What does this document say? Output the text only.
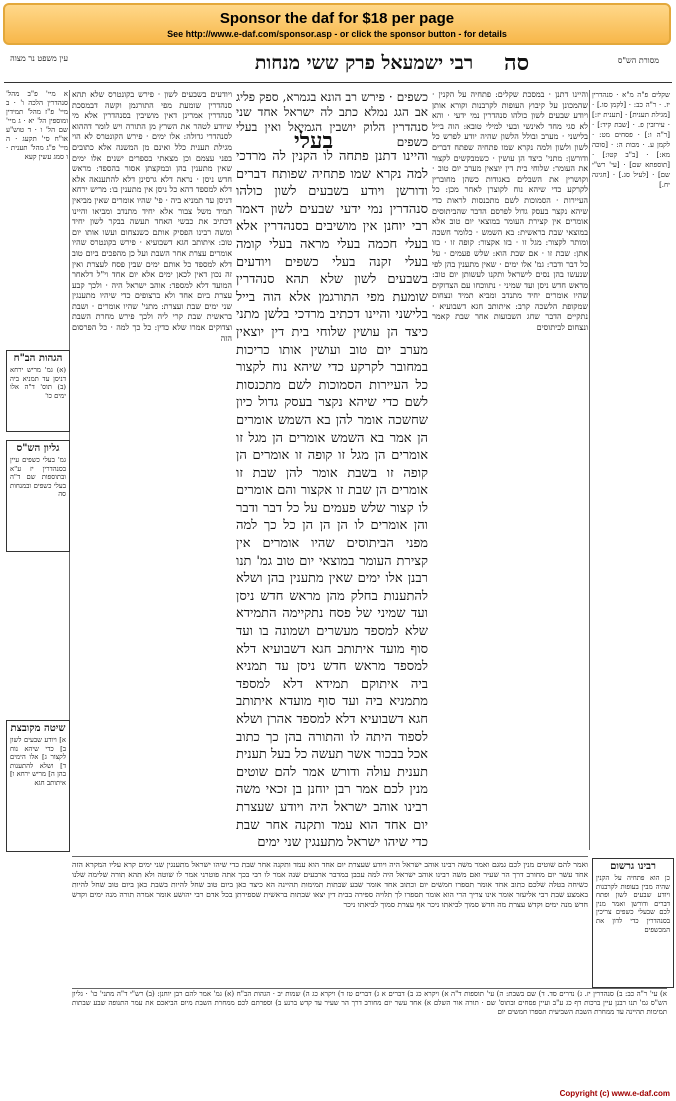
Sponsor the daf for $18 per page
See http://www.e-daf.com/sponsor.asp - or click the sponsor button - for details
עין משפט נר מצוה	רבי ישמעאל פרק ששי מנחות	סה	מסורת הש"ס
א מיי' פ"ב מהל' סנהדרין הלכה ו' · ב מיי' פ"ז מהל' תמידין ומוספין הל' יא · ג מיי' שם הל' ו · ד טוש"ע או"ח סי' תקעג · ה מיי' פ"ג מהל' תענית · ו סמג עשין קעא
ויודעים בשבעים לשון · פירש בקונטרס שלא תהא סנהדרין שומעת מפי התורגמן וקשה דבמסכת סנהדרין אמרינן דאין מושיבין בסנהדרין אלא מי שיודע לטהר את השרץ מן התורה ויש לומר דההוא לסנהדרי גדולה: אלו ימים · פירש הקונטרס לא הוי מגילת תענית כלל ואינם מן המשנה אלא כתובים בפני עצמם וכן מצאתי בספרים ישנים אלו ימים שאין מתענין בהן ובמקצתן אסור בהספד: מראש חדש ניסן · נראה דלא גרסינן דלא להתענאה אלא דלא למספד דהא כל ניסן אין מתענין בו: מריש ירחא דניסן עד תמניא ביה · פי' שהיו אומרים שאין מביאין תמיד משל צבור אלא יחיד מתנדב ומביאו והיינו דכתיב את כבשי האחד תעשה בבקר לשון יחיד ומשה רבינו הפסיק אותם כשנצחום ועשו אותו יום טוב: איתותב חגא דשבועיא · פירש בקונטרס שהיו אומרים עצרת אחר השבת ועל כן מהפכים ביום טוב דלא למספד כל אותם ימים שבין פסח לעצרת ואין זה נכון דאין לכאן ימים אלא יום אחד וי"ל דלאחר המועד דלא למספד: אוהב ישראל היה · ולכך קבע עצרת ביום אחד ולא ברצופים כדי שיהיו מתענגין שני ימים שבת ועצרת: מתני' שהיו אומרים · ושבת בראשית שבת קרי ליה ולכך פירש מחרת השבת וצדוקים אמרו שלא כדין: כל כך למה · כל הפרסום הזה
כשפים · פירש רב הונא בגמרא, ספק פליג אב הגג נמלא כתב לה ישראל אחד שני סנהדרין הלוק יושבין הגמיאל ואין בעלי כשפים
בעלי
והיינו דתנן פתחה לו הקנין לה מרדכי למה נקרא שמו פתחיה שפותח דברים ודורשן ויודע בשבעים לשון כולהו סנהדרין נמי ידעי שבעים לשון דאמר רבי יוחנן אין מושיבים בסנהדרין אלא בעלי חכמה בעלי מראה בעלי קומה בעלי זקנה בעלי כשפים ויודעים בשבעים לשון שלא תהא סנהדרין שומעת מפי התורגמן אלא הוה בייל בלישני והיינו דכתיב מרדכי בלשן מתני כיצד הן עושין שלוחי בית דין יוצאין מערב יום טוב ועושין אותו כריכות במחובר לקרקע כדי שיהא נוח לקצור כל העיירות הסמוכות לשם מתכנסות לשם כדי שיהא נקצר בעסק גדול כיון שחשכה אומר להן בא השמש אומרים הן אמר בא השמש אומרים הן מגל זו אומרים הן מגל זו קופה זו אומרים הן קופה זו בשבת אומר להן שבת זו אומרים הן שבת זו אקצור והם אומרים לו קצור שלש פעמים על כל דבר ודבר והן אומרים לו הן הן הן כל כך למה מפני הביתוסים שהיו אומרים אין קצירת העומר במוצאי יום טוב גמ' תנו רבנן אלו ימים שאין מתענין בהן ושלא להתענות בחלק מהן מראש חדש ניסן ועד שמיני של פסח נתקיימה התמידא שלא למספד מעשרים ושמונה בו ועד סוף מועד איתותב חגא דשבועיא דלא למספד מראש חדש ניסן עד תמניא ביה איתוקם תמידא דלא למספד מתמניא ביה ועד סוף מועדא איתותב חגא דשבועיא דלא למספד אהרן ושלא לספוד היתה לו והתורה בהן כך כתוב אכל בבכור אשר תעשה כל בעל תענית תענית עולה ודורש אמר להם שוטים מנין לכם אמר רבן יוחנן בן זכאי משה רבינו אוהב ישראל היה ויודע שעצרת יום אחד הוא עמד ותקנה אחר שבת כדי שיהו ישראל מתענגין שני ימים
והיינו דתנן · במסכת שקלים: פתחיה על הקנין · שהמכונן על קיבוץ העופות לקרבנות וקורא אותן ויודע שבעים לשון כולהו סנהדרין נמי ידעי · והא לא סגי מחד לאינשי ובעי למילי טובא: הוה בייל בלישני · מערב ובולל הלשון שהיה יודע לפרש כל לשון ולשון ולמה נקרא שמו פתחיה שפתח דברים ודורשן: מתני' כיצד הן עושין · כשמבקשים לקצור את העומר: שלוחי בית דין יוצאין מערב יום טוב · וקושרין את השבלים באגודות כשהן מחוברין לקרקע כדי שיהא נוח לקוצרן לאחר מכן: כל העיירות · הסמוכות לשם מתכנסות לראות כדי שיהא נקצר בעסק גדול לפרסם הדבר שהביתוסים אומרים אין קצירת העומר במוצאי יום טוב אלא במוצאי שבת בראשית: בא השמש · כלומר חשכה ומותר לקצור: מגל זו · בזו אקצור: קופה זו · בזו אתן: שבת זו · אם שבת הוא: שלש פעמים · על כל דבר ודבר: גמ' אלו ימים · שאין מתענין בהן לפי שנעשו בהן נסים לישראל ותקנו לעשותן יום טוב: מראש חדש ניסן ועד שמיני · נתווכחו עם הצדוקים שהיו אומרים יחיד מתנדב ומביא תמיד ונצחום שמקופת הלשכה קרב: איתותב חגא דשבועיא · נתקיים הדבר שחג השבועות אחר שבת קאמר ונצחום לביתוסים
שקלים פ"ה מ"א · סנהדרין יז. · ר"ה כב: · [לקמן סו.] · [מגילת תענית] · [תענית יז:] · עירובין פ. · [שבת קיד:] · [ר"ה ו:] · פסחים מט: · לקמן ע. · מכות ה: · [סוכה מא:] · [ב"ב קטו:] · [תוספתא שם] · [עי' רש"י שם] · [לעיל סג.] · [חגיגה יח.]
הגהות הב"ח
(א) גמ' מריש ירחא דניסן עד תמניא ביה (ב) תוס' ד"ה אלו ימים כו'
גליון הש"ס
גמ' בעלי כשפים עיין בסנהדרין יז ע"א ובתוספות שם ד"ה בעלי כשפים ובמנחות סה
שיטה מקובצת
א] ויודע שבעים לשון ב] כדי שיהא נוח לקצור ג] אלו הימים ד] ושלא להתענות בהן ה] מריש ירחא ו] איתותב חגא
ואמר להם שוטים מנין לכם גמגם ואמר משה רבינו אוהב ישראל היה ויודע שעצרת יום אחד הוא עמד ותקנה אחר שבת כדי שיהו ישראל מתענגין שני ימים קרא עליו המקרא הזה אחד עשר יום מחורב דרך הר שעיר ואם משה רבינו אוהב ישראל היה למה עכבן במדבר ארבעים שנה אמר לו רבי בכך אתה פוטרני אמר לו שוטה ולא תהא תורה שלימה שלנו כשיחה בטלה שלכם כתוב אחד אומר תספרו חמשים יום וכתוב אחד אומר שבע שבתות תמימות תהיינה הא כיצד כאן ביום טוב שחל להיות בשבת כאן ביום טוב שחל להיות באמצע שבת רבי אליעזר אומר אינו צריך הרי הוא אומר תספרו לך תלויה ספירה בבית דין יצאו שבתות בראשית שספירתן בכל אדם רבי יהושע אומר אמרה תורה מנה ימים וקדש חדש מנה ימים וקדש עצרת מה חדש סמוך לביאתו ניכר אף עצרת סמוך לביאתו ניכר
רבינו גרשום
כן הוא פתחיה על הקנין שהיה מבין בעופות לקרבנות ויודע שבעים לשון ופתח דברים ודורשן ואמר מנין לכם שבעלי כשפים צריכין בסנהדרין כדי לדון את המכשפים
א) עי' ר"ה כב: ב) סנהדרין יז. ג) נדרים סד. ד) שם בשבת: ה) עי' תוספות ד"ה א) ויקרא כג ב) דברים א ג) דברים טז ד) ויקרא כג ה) שמות יב · הגהות הב"ח (א) גמ' אמר להם רבן יוחנן: (ב) רש"י ד"ה מתני' כו' · גליון הש"ס גמ' תנו רבנן עיין ברכות דף כג ע"ב ועיין פסחים ובתוס' שם · תורה אור השלם א) אחד עשר יום מחורב דרך הר שעיר עד קדש ברנע ב) וספרתם לכם ממחרת השבת מיום הביאכם את עמר התנופה שבע שבתות תמימות תהיינה עד ממחרת השבת השביעית תספרו חמשים יום
Copyright (c) www.e-daf.com
